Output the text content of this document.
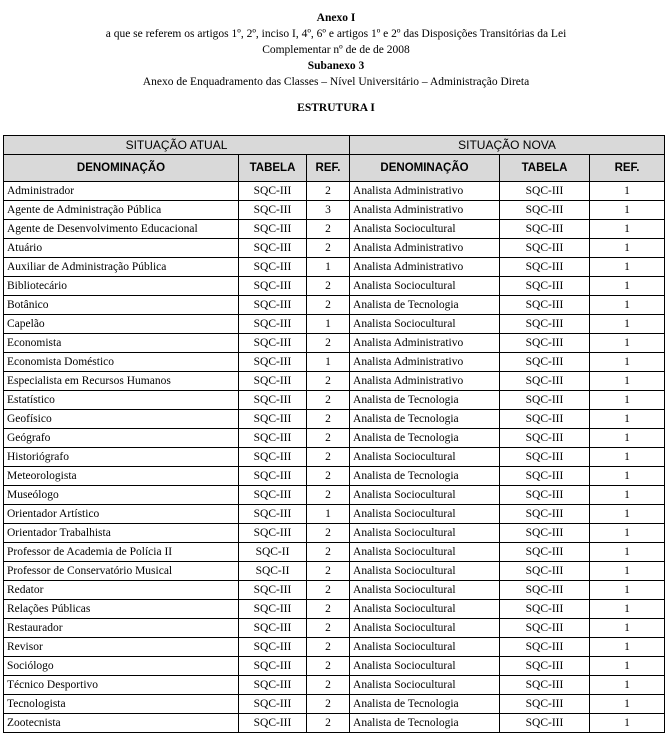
Anexo I
a que se referem os artigos 1º, 2º, inciso I, 4º, 6º e artigos 1º e 2º das Disposições Transitórias da Lei
Complementar nº de de de 2008
Subanexo 3
Anexo de Enquadramento das Classes – Nível Universitário – Administração Direta
ESTRUTURA I
SITUAÇÃO ATUAL			SITUAÇÃO NOVA		
DENOMINAÇÃO	TABELA	REF.	DENOMINAÇÃO	TABELA	REF.
Administrador	SQC-III	2	Analista Administrativo	SQC-III	1
Agente de Administração Pública	SQC-III	3	Analista Administrativo	SQC-III	1
Agente de Desenvolvimento Educacional	SQC-III	2	Analista Sociocultural	SQC-III	1
Atuário	SQC-III	2	Analista Administrativo	SQC-III	1
Auxiliar de Administração Pública	SQC-III	1	Analista Administrativo	SQC-III	1
Bibliotecário	SQC-III	2	Analista Sociocultural	SQC-III	1
Botânico	SQC-III	2	Analista de Tecnologia	SQC-III	1
Capelão	SQC-III	1	Analista Sociocultural	SQC-III	1
Economista	SQC-III	2	Analista Administrativo	SQC-III	1
Economista Doméstico	SQC-III	1	Analista Administrativo	SQC-III	1
Especialista em Recursos Humanos	SQC-III	2	Analista Administrativo	SQC-III	1
Estatístico	SQC-III	2	Analista de Tecnologia	SQC-III	1
Geofísico	SQC-III	2	Analista de Tecnologia	SQC-III	1
Geógrafo	SQC-III	2	Analista de Tecnologia	SQC-III	1
Historiógrafo	SQC-III	2	Analista Sociocultural	SQC-III	1
Meteorologista	SQC-III	2	Analista de Tecnologia	SQC-III	1
Museólogo	SQC-III	2	Analista Sociocultural	SQC-III	1
Orientador Artístico	SQC-III	1	Analista Sociocultural	SQC-III	1
Orientador Trabalhista	SQC-III	2	Analista Sociocultural	SQC-III	1
Professor de Academia de Polícia II	SQC-II	2	Analista Sociocultural	SQC-III	1
Professor de Conservatório Musical	SQC-II	2	Analista Sociocultural	SQC-III	1
Redator	SQC-III	2	Analista Sociocultural	SQC-III	1
Relações Públicas	SQC-III	2	Analista Sociocultural	SQC-III	1
Restaurador	SQC-III	2	Analista Sociocultural	SQC-III	1
Revisor	SQC-III	2	Analista Sociocultural	SQC-III	1
Sociólogo	SQC-III	2	Analista Sociocultural	SQC-III	1
Técnico Desportivo	SQC-III	2	Analista Sociocultural	SQC-III	1
Tecnologista	SQC-III	2	Analista de Tecnologia	SQC-III	1
Zootecnista	SQC-III	2	Analista de Tecnologia	SQC-III	1
